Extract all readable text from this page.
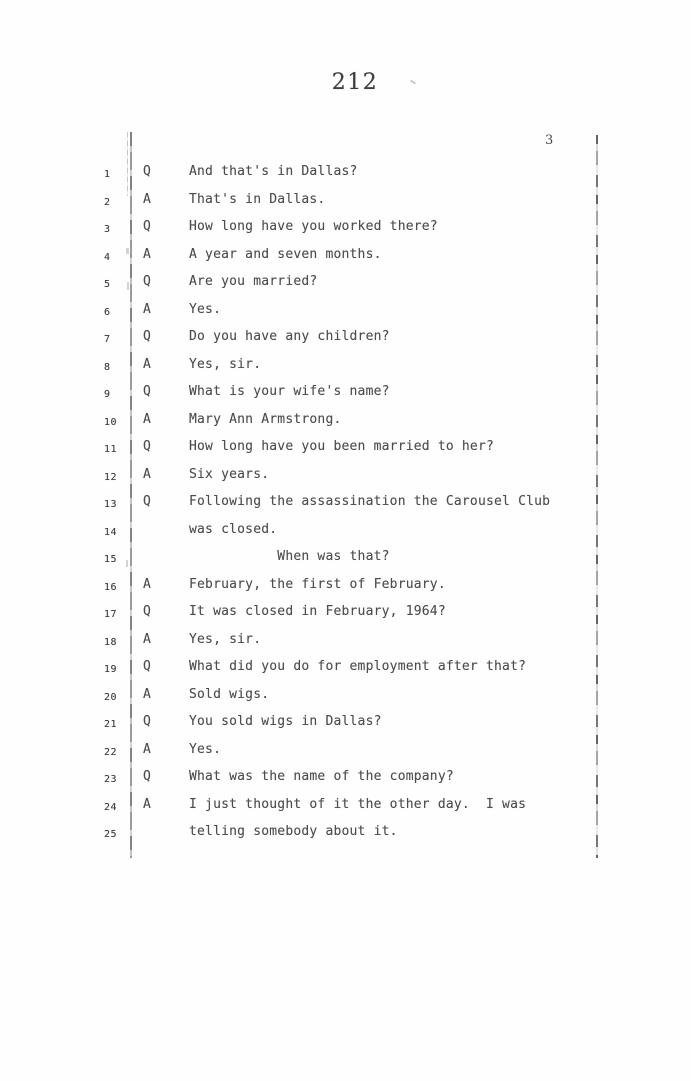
212
3
1	Q	And that's in Dallas?
2	A	That's in Dallas.
3	Q	How long have you worked there?
4	A	A year and seven months.
5	Q	Are you married?
6	A	Yes.
7	Q	Do you have any children?
8	A	Yes, sir.
9	Q	What is your wife's name?
10	A	Mary Ann Armstrong.
11	Q	How long have you been married to her?
12	A	Six years.
13	Q	Following the assassination the Carousel Club
14	was closed.
15	When was that?
16	A	February, the first of February.
17	Q	It was closed in February, 1964?
18	A	Yes, sir.
19	Q	What did you do for employment after that?
20	A	Sold wigs.
21	Q	You sold wigs in Dallas?
22	A	Yes.
23	Q	What was the name of the company?
24	A	I just thought of it the other day.  I was
25	telling somebody about it.
